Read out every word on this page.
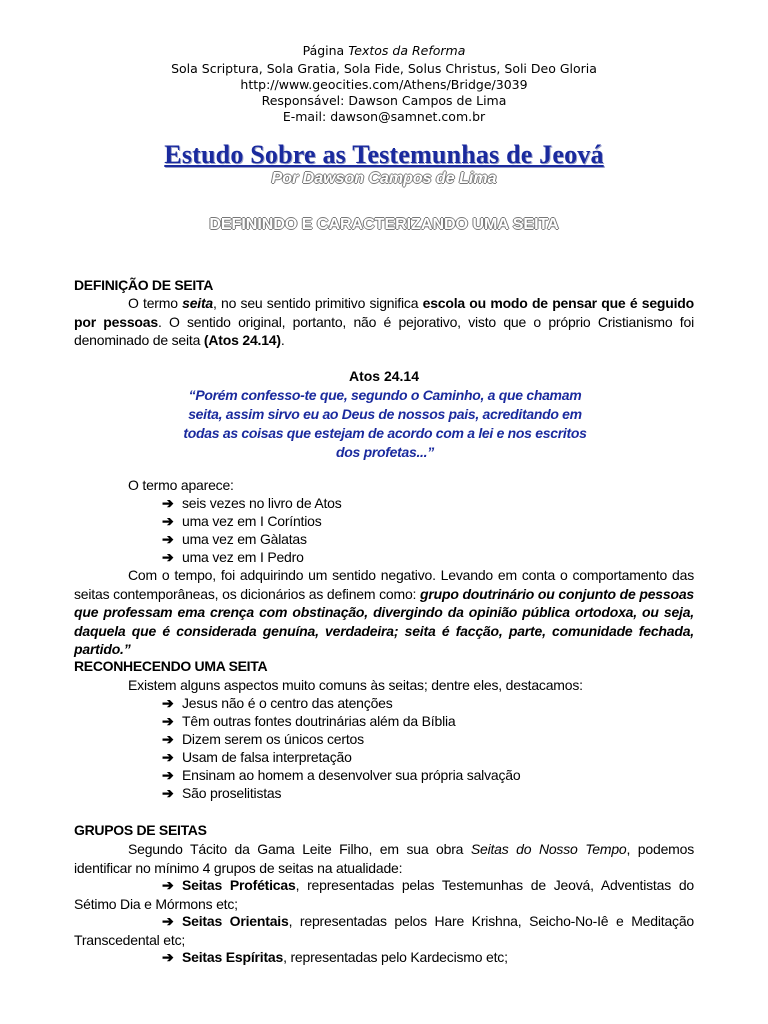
Página Textos da Reforma
Sola Scriptura, Sola Gratia, Sola Fide, Solus Christus, Soli Deo Gloria
http://www.geocities.com/Athens/Bridge/3039
Responsável: Dawson Campos de Lima
E-mail: dawson@samnet.com.br
Estudo Sobre as Testemunhas de Jeová
Por Dawson Campos de Lima
DEFININDO E CARACTERIZANDO UMA SEITA
DEFINIÇÃO DE SEITA
O termo seita, no seu sentido primitivo significa escola ou modo de pensar que é seguido por pessoas. O sentido original, portanto, não é pejorativo, visto que o próprio Cristianismo foi denominado de seita (Atos 24.14).
Atos 24.14
“Porém confesso-te que, segundo o Caminho, a que chamam seita, assim sirvo eu ao Deus de nossos pais, acreditando em todas as coisas que estejam de acordo com a lei e nos escritos dos profetas...”
O termo aparece:
➔ seis vezes no livro de Atos
➔ uma vez em I Coríntios
➔ uma vez em Gàlatas
➔ uma vez em I Pedro
Com o tempo, foi adquirindo um sentido negativo. Levando em conta o comportamento das seitas contemporâneas, os dicionários as definem como: grupo doutrinário ou conjunto de pessoas que professam ema crença com obstinação, divergindo da opinião pública ortodoxa, ou seja, daquela que é considerada genuína, verdadeira; seita é facção, parte, comunidade fechada, partido.”
RECONHECENDO UMA SEITA
Existem alguns aspectos muito comuns às seitas; dentre eles, destacamos:
➔ Jesus não é o centro das atenções
➔ Têm outras fontes doutrinárias além da Bíblia
➔ Dizem serem os únicos certos
➔ Usam de falsa interpretação
➔ Ensinam ao homem a desenvolver sua própria salvação
➔ São proselitistas
GRUPOS DE SEITAS
Segundo Tácito da Gama Leite Filho, em sua obra Seitas do Nosso Tempo, podemos identificar no mínimo 4 grupos de seitas na atualidade:
➔ Seitas Proféticas, representadas pelas Testemunhas de Jeová, Adventistas do Sétimo Dia e Mórmons etc;
➔ Seitas Orientais, representadas pelos Hare Krishna, Seicho-No-Iê e Meditação Transcedental etc;
➔ Seitas Espíritas, representadas pelo Kardecismo etc;
